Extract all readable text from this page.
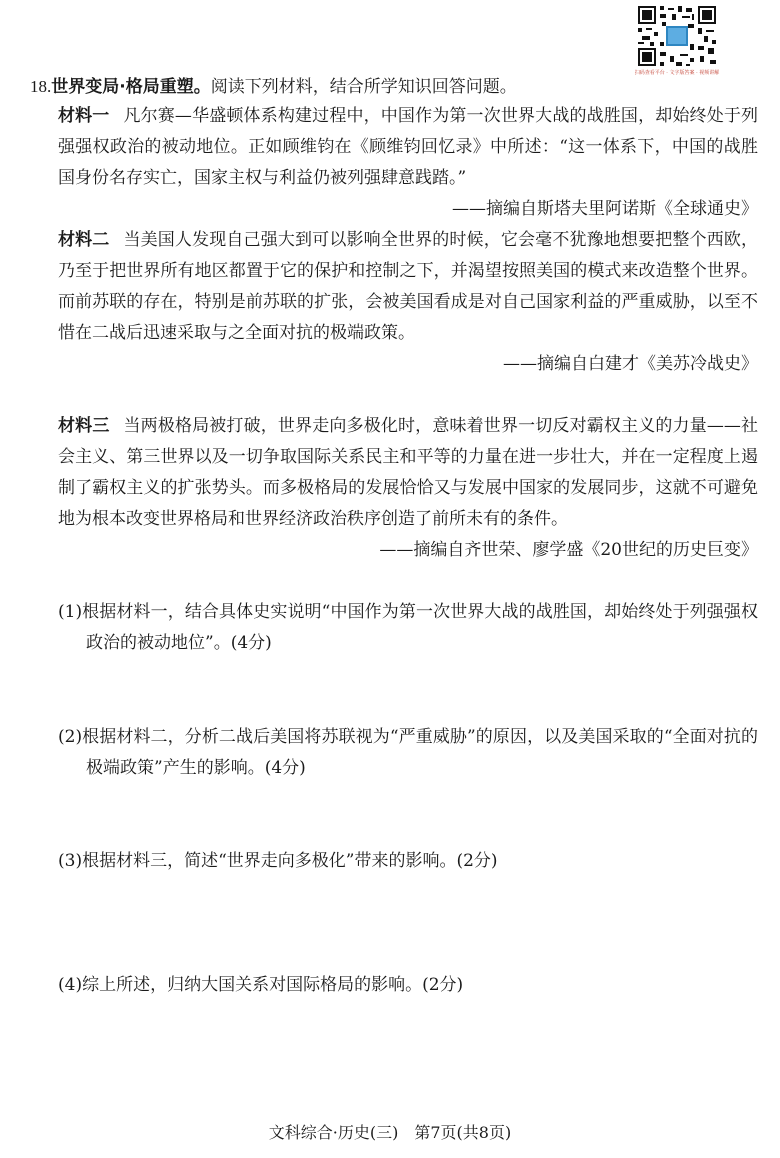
扫码查看平台 · 文字版答案 · 视频讲解
18.世界变局·格局重塑。阅读下列材料，结合所学知识回答问题。

材料一 凡尔赛—华盛顿体系构建过程中，中国作为第一次世界大战的战胜国，却始终处于列强强权政治的被动地位。正如顾维钧在《顾维钧回忆录》中所述：“这一体系下，中国的战胜国身份名存实亡，国家主权与利益仍被列强肆意践踏。”

——摘编自斯塔夫里阿诺斯《全球通史》

材料二 当美国人发现自己强大到可以影响全世界的时候，它会毫不犹豫地想要把整个西欧，乃至于把世界所有地区都置于它的保护和控制之下，并渴望按照美国的模式来改造整个世界。而前苏联的存在，特别是前苏联的扩张，会被美国看成是对自己国家利益的严重威胁，以至不惜在二战后迅速采取与之全面对抗的极端政策。

——摘编自白建才《美苏冷战史》

材料三 当两极格局被打破，世界走向多极化时，意味着世界一切反对霸权主义的力量——社会主义、第三世界以及一切争取国际关系民主和平等的力量在进一步壮大，并在一定程度上遏制了霸权主义的扩张势头。而多极格局的发展恰恰又与发展中国家的发展同步，这就不可避免地为根本改变世界格局和世界经济政治秩序创造了前所未有的条件。

——摘编自齐世荣、廖学盛《20世纪的历史巨变》

(1)根据材料一，结合具体史实说明“中国作为第一次世界大战的战胜国，却始终处于列强强权政治的被动地位”。(4分)

(2)根据材料二，分析二战后美国将苏联视为“严重威胁”的原因，以及美国采取的“全面对抗的极端政策”产生的影响。(4分)

(3)根据材料三，简述“世界走向多极化”带来的影响。(2分)

(4)综上所述，归纳大国关系对国际格局的影响。(2分)

文科综合·历史(三)　第7页(共8页)
